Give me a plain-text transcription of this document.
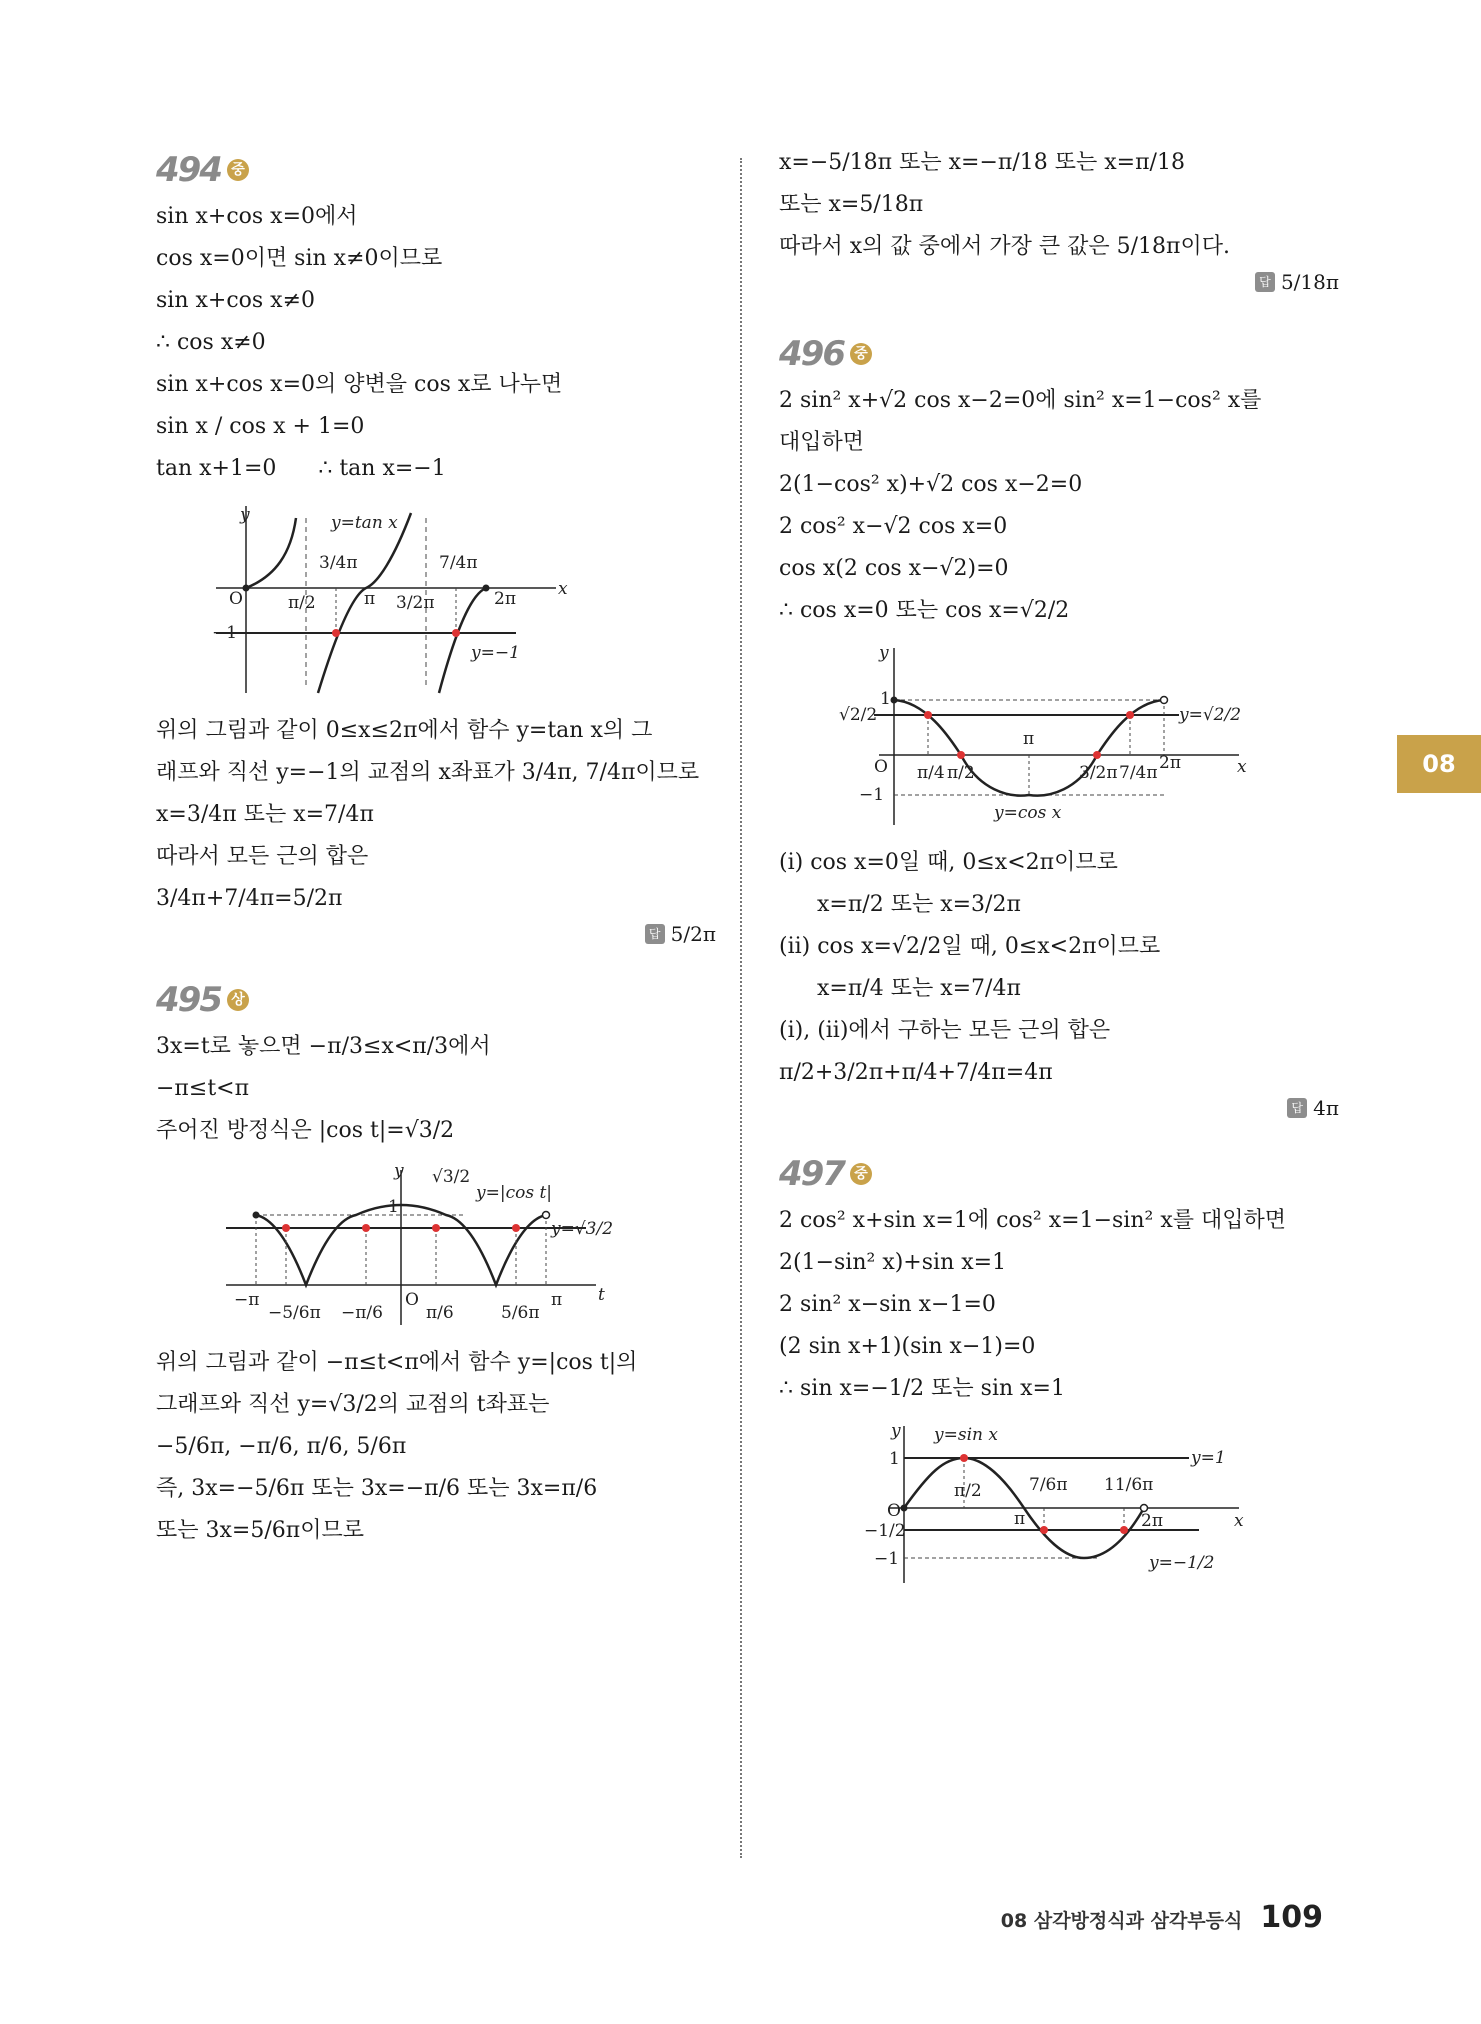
494 중
sin x+cos x=0에서
cos x=0이면 sin x≠0이므로
sin x+cos x≠0
∴ cos x≠0
sin x+cos x=0의 양변을 cos x로 나누면
sin x / cos x + 1=0
tan x+1=0      ∴ tan x=−1
y
x
O
−1
y=tan x
y=−1
π/2	π 3/2π	2π
3/4π	7/4π
위의 그림과 같이 0≤x≤2π에서 함수 y=tan x의 그
래프와 직선 y=−1의 교점의 x좌표가 3/4π, 7/4π이므로
x=3/4π 또는 x=7/4π
따라서 모든 근의 합은
3/4π+7/4π=5/2π
답 5/2π
495 상
3x=t로 놓으면 −π/3≤x<π/3에서
−π≤t<π
주어진 방정식은 |cos t|=√3/2
y
t
O
1
√3/2
y=|cos t|
y=√3/2
−π
−5/6π −π/6	π/6	5/6π
π
위의 그림과 같이 −π≤t<π에서 함수 y=|cos t|의
그래프와 직선 y=√3/2의 교점의 t좌표는
−5/6π, −π/6, π/6, 5/6π
즉, 3x=−5/6π 또는 3x=−π/6 또는 3x=π/6
또는 3x=5/6π이므로
x=−5/18π 또는 x=−π/18 또는 x=π/18
또는 x=5/18π
따라서 x의 값 중에서 가장 큰 값은 5/18π이다.
답 5/18π
496 중
2 sin² x+√2 cos x−2=0에 sin² x=1−cos² x를
대입하면
2(1−cos² x)+√2 cos x−2=0
2 cos² x−√2 cos x=0
cos x(2 cos x−√2)=0
∴ cos x=0 또는 cos x=√2/2
y
x
O
1
−1
√2/2	y=√2/2
y=cos x
π/4 π/2
π
3/2π 7/4π 2π
(i) cos x=0일 때, 0≤x<2π이므로
x=π/2 또는 x=3/2π
(ii) cos x=√2/2일 때, 0≤x<2π이므로
x=π/4 또는 x=7/4π
(i), (ii)에서 구하는 모든 근의 합은
π/2+3/2π+π/4+7/4π=4π
답 4π
497 중
2 cos² x+sin x=1에 cos² x=1−sin² x를 대입하면
2(1−sin² x)+sin x=1
2 sin² x−sin x−1=0
(2 sin x+1)(sin x−1)=0
∴ sin x=−1/2 또는 sin x=1
y
x
O
1
−1/2
−1
y=sin x
y=1
y=−1/2
π/2
π
7/6π 11/6π
2π
08
08 삼각방정식과 삼각부등식 109
